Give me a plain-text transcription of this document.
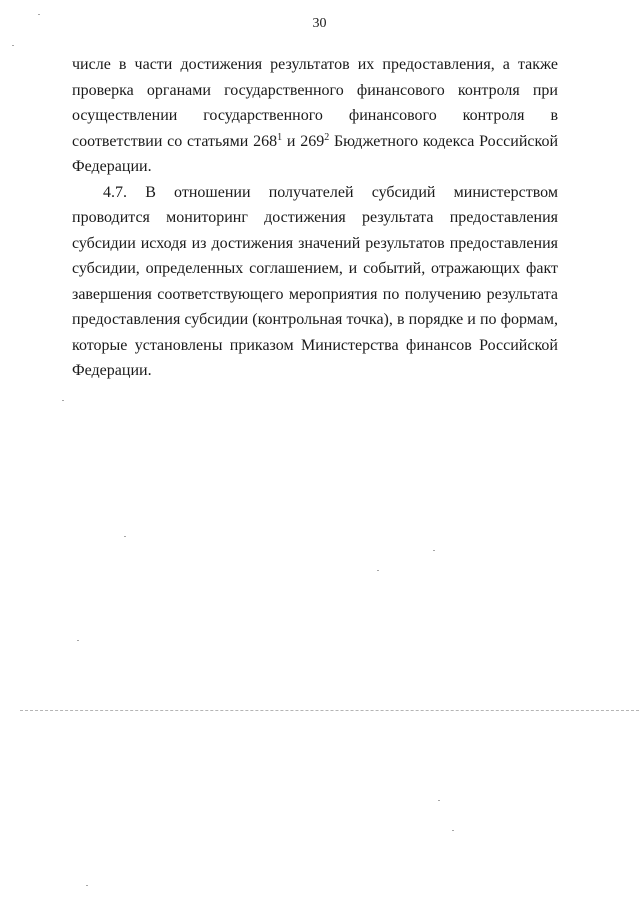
30

числе в части достижения результатов их предоставления, а также проверка органами государственного финансового контроля при осуществлении государственного финансового контроля в соответствии со статьями $268^1$ и $269^2$ Бюджетного кодекса Российской Федерации.

4.7. В отношении получателей субсидий министерством проводится мониторинг достижения результата предоставления субсидии исходя из достижения значений результатов предоставления субсидии, определенных соглашением, и событий, отражающих факт завершения соответствующего мероприятия по получению результата предоставления субсидии (контрольная точка), в порядке и по формам, которые установлены приказом Министерства финансов Российской Федерации.
